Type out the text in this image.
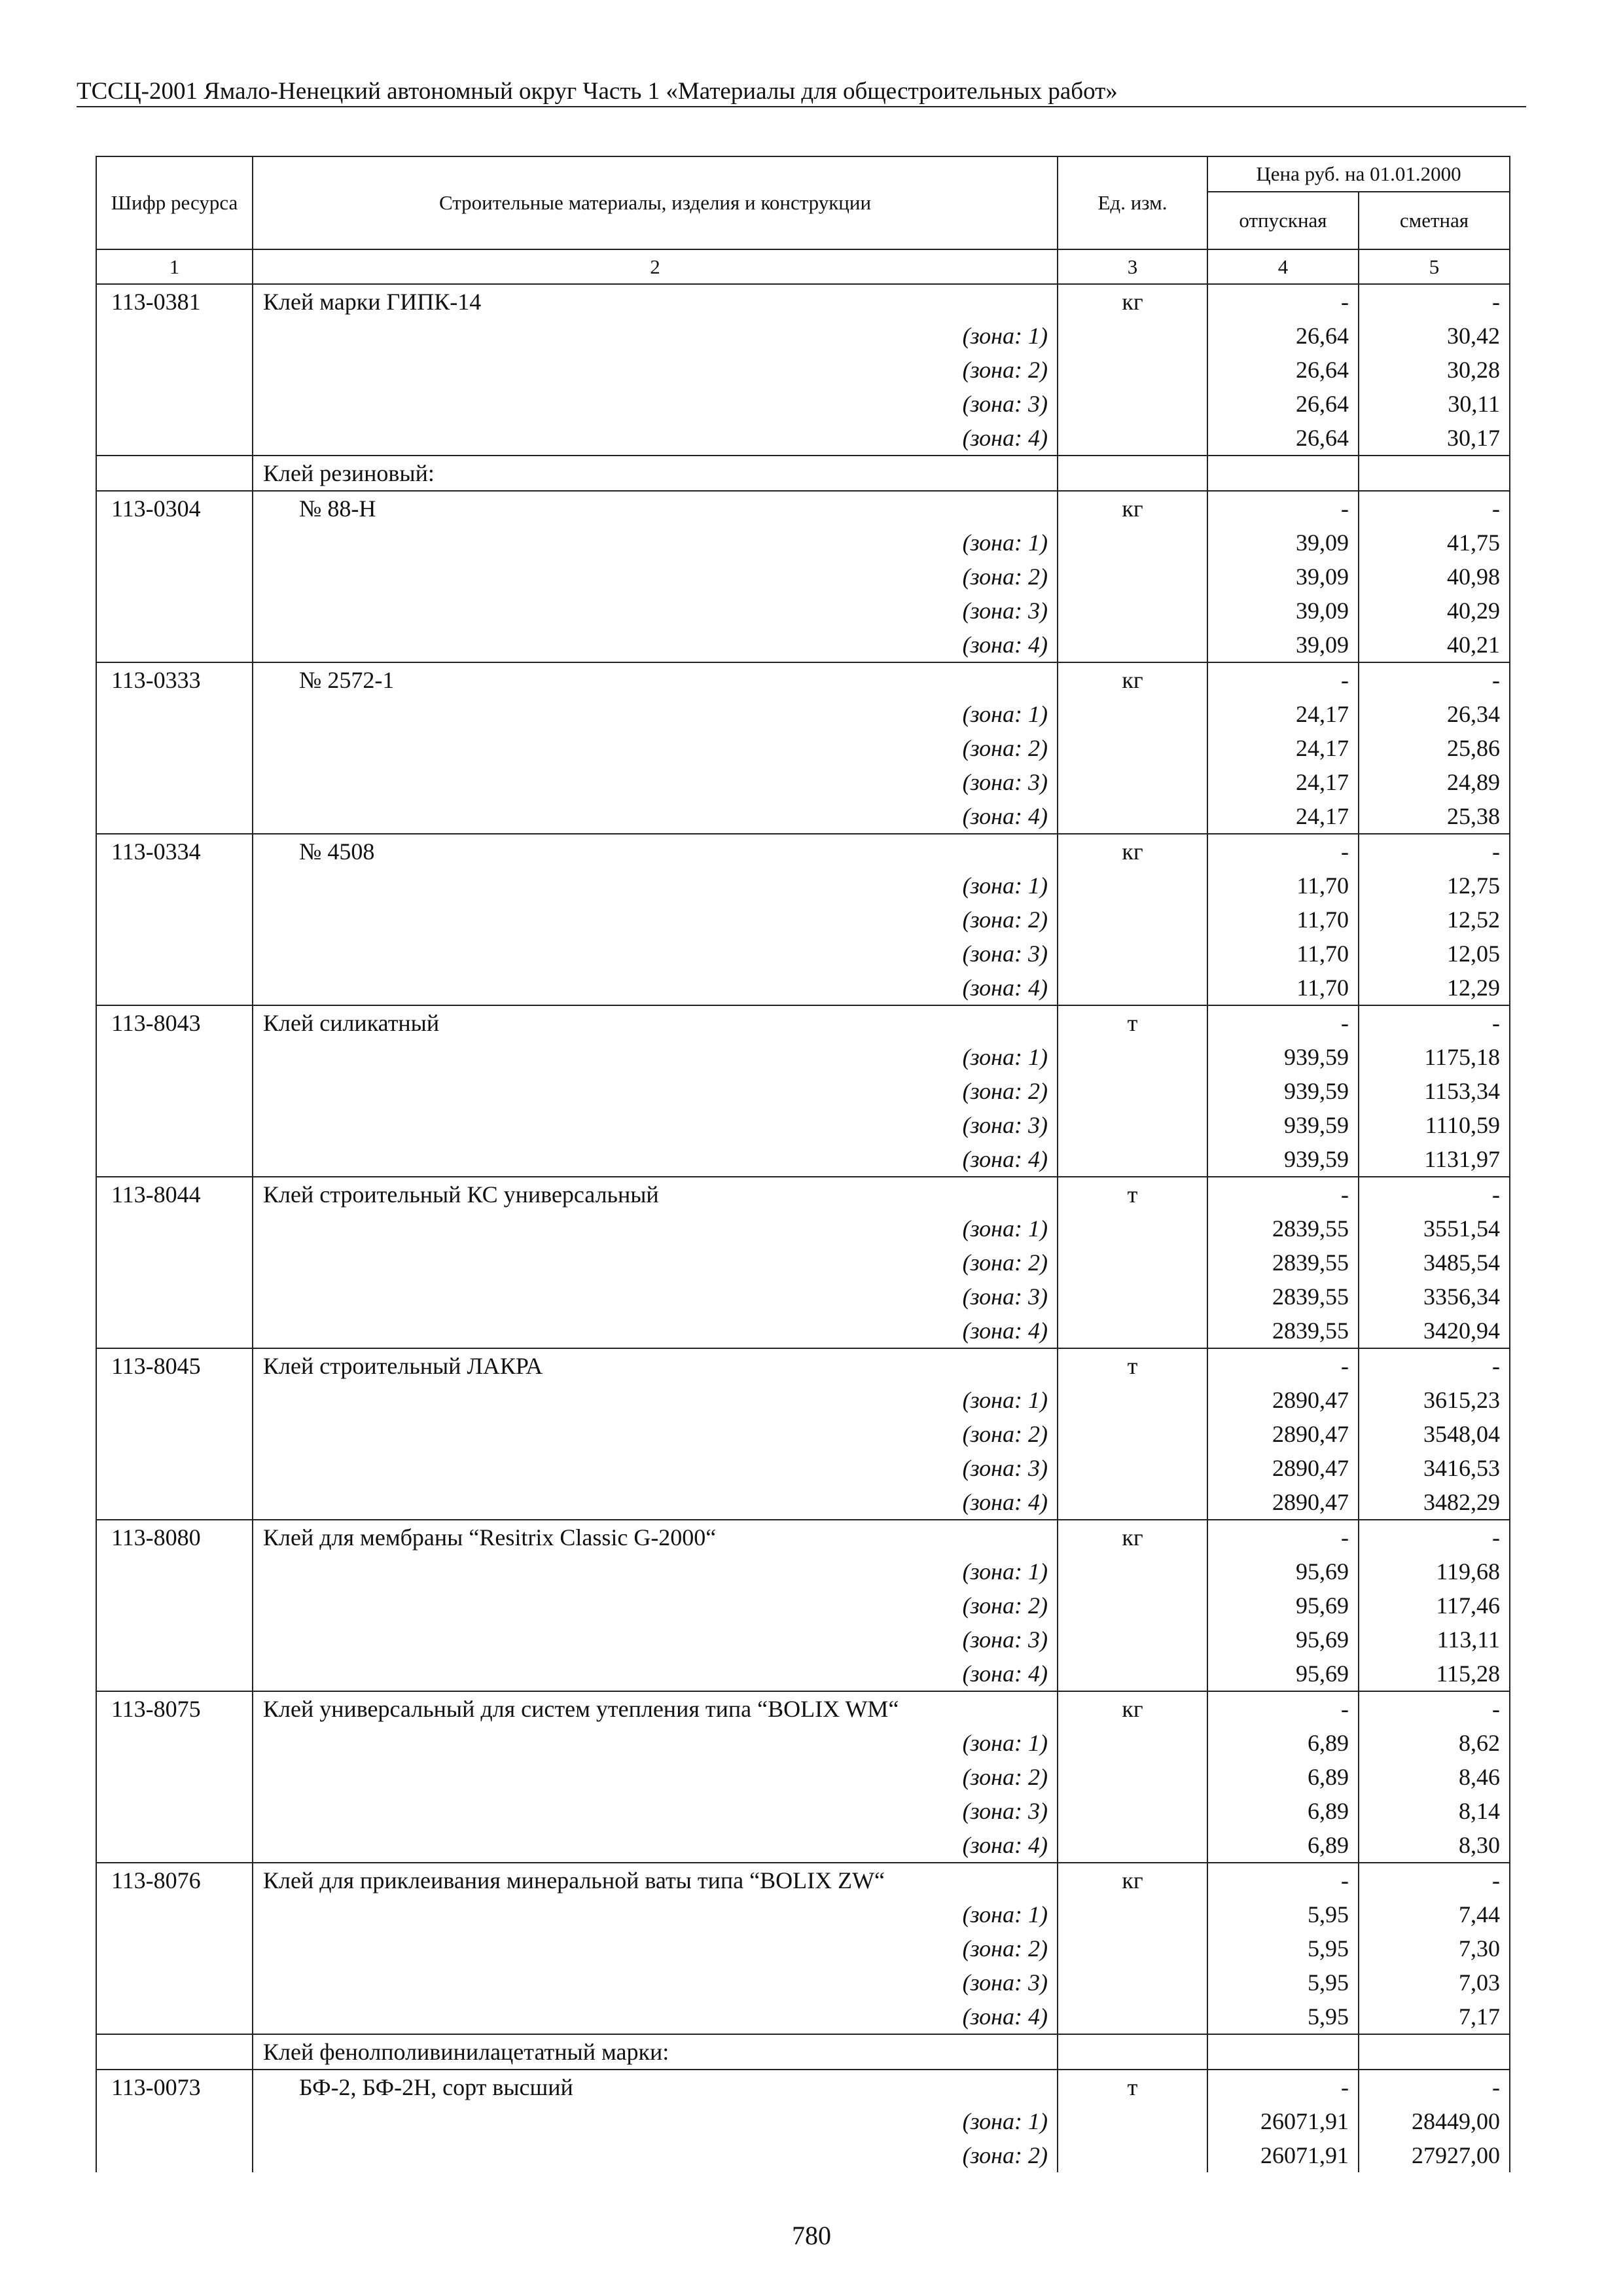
ТССЦ-2001 Ямало-Ненецкий автономный округ Часть 1 «Материалы для общестроительных работ»
Шифр ресурса	Строительные материалы, изделия и конструкции	Ед. изм.	Цена руб. на 01.01.2000	
			отпускная	сметная
1	2	3	4	5
113-0381	Клей марки ГИПК-14	кг	-	-
	(зона: 1)		26,64	30,42
	(зона: 2)		26,64	30,28
	(зона: 3)		26,64	30,11
	(зона: 4)		26,64	30,17
	Клей резиновый:			
113-0304	№ 88-Н	кг	-	-
	(зона: 1)		39,09	41,75
	(зона: 2)		39,09	40,98
	(зона: 3)		39,09	40,29
	(зона: 4)		39,09	40,21
113-0333	№ 2572-1	кг	-	-
	(зона: 1)		24,17	26,34
	(зона: 2)		24,17	25,86
	(зона: 3)		24,17	24,89
	(зона: 4)		24,17	25,38
113-0334	№ 4508	кг	-	-
	(зона: 1)		11,70	12,75
	(зона: 2)		11,70	12,52
	(зона: 3)		11,70	12,05
	(зона: 4)		11,70	12,29
113-8043	Клей силикатный	т	-	-
	(зона: 1)		939,59	1175,18
	(зона: 2)		939,59	1153,34
	(зона: 3)		939,59	1110,59
	(зона: 4)		939,59	1131,97
113-8044	Клей строительный КС универсальный	т	-	-
	(зона: 1)		2839,55	3551,54
	(зона: 2)		2839,55	3485,54
	(зона: 3)		2839,55	3356,34
	(зона: 4)		2839,55	3420,94
113-8045	Клей строительный ЛАКРА	т	-	-
	(зона: 1)		2890,47	3615,23
	(зона: 2)		2890,47	3548,04
	(зона: 3)		2890,47	3416,53
	(зона: 4)		2890,47	3482,29
113-8080	Клей для мембраны “Resitrix Classic G-2000“	кг	-	-
	(зона: 1)		95,69	119,68
	(зона: 2)		95,69	117,46
	(зона: 3)		95,69	113,11
	(зона: 4)		95,69	115,28
113-8075	Клей универсальный для систем утепления типа “BOLIX WM“	кг	-	-
	(зона: 1)		6,89	8,62
	(зона: 2)		6,89	8,46
	(зона: 3)		6,89	8,14
	(зона: 4)		6,89	8,30
113-8076	Клей для приклеивания минеральной ваты типа “BOLIX ZW“	кг	-	-
	(зона: 1)		5,95	7,44
	(зона: 2)		5,95	7,30
	(зона: 3)		5,95	7,03
	(зона: 4)		5,95	7,17
	Клей фенолполивинилацетатный марки:			
113-0073	БФ-2, БФ-2Н, сорт высший	т	-	-
	(зона: 1)		26071,91	28449,00
	(зона: 2)		26071,91	27927,00
780
